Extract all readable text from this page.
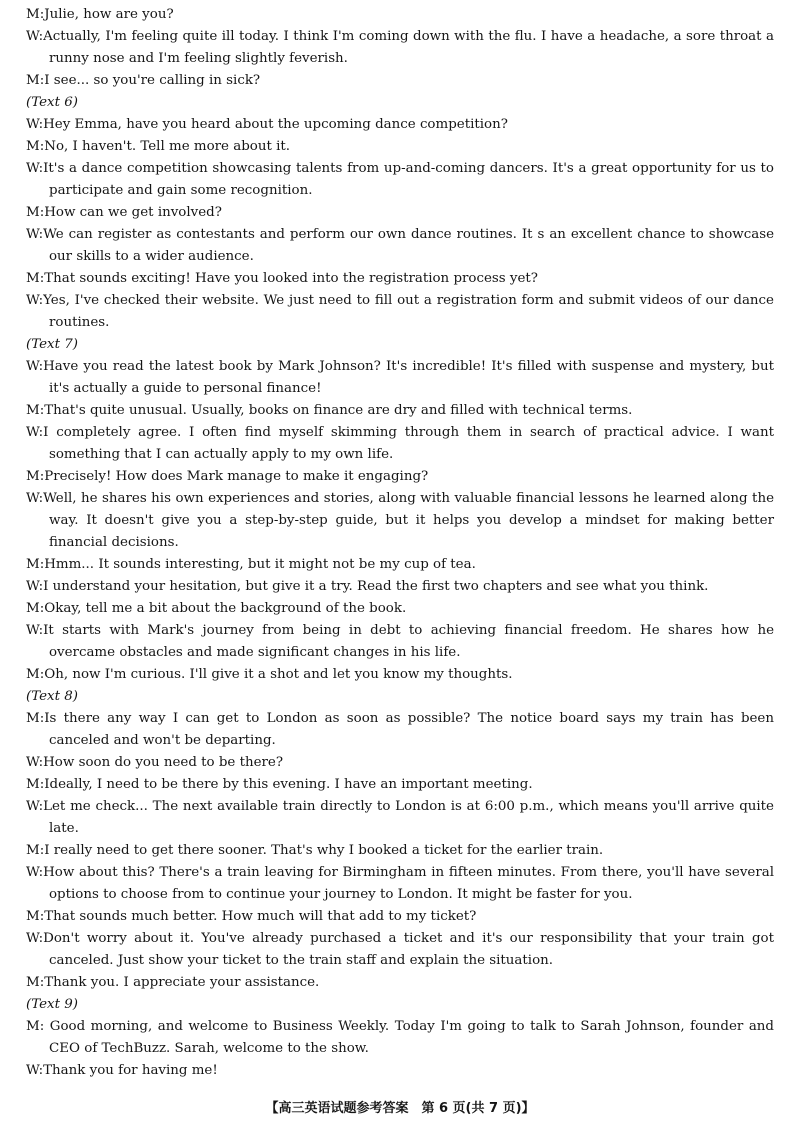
M:Julie, how are you?
W:Actually, I'm feeling quite ill today. I think I'm coming down with the flu. I have a headache, a sore throat a runny nose and I'm feeling slightly feverish.
M:I see... so you're calling in sick?
(Text 6)
W:Hey Emma, have you heard about the upcoming dance competition?
M:No, I haven't. Tell me more about it.
W:It's a dance competition showcasing talents from up-and-coming dancers. It's a great opportunity for us to participate and gain some recognition.
M:How can we get involved?
W:We can register as contestants and perform our own dance routines. It s an excellent chance to showcase our skills to a wider audience.
M:That sounds exciting! Have you looked into the registration process yet?
W:Yes, I've checked their website. We just need to fill out a registration form and submit videos of our dance routines.
(Text 7)
W:Have you read the latest book by Mark Johnson? It's incredible! It's filled with suspense and mystery, but it's actually a guide to personal finance!
M:That's quite unusual. Usually, books on finance are dry and filled with technical terms.
W:I completely agree. I often find myself skimming through them in search of practical advice. I want something that I can actually apply to my own life.
M:Precisely! How does Mark manage to make it engaging?
W:Well, he shares his own experiences and stories, along with valuable financial lessons he learned along the way. It doesn't give you a step-by-step guide, but it helps you develop a mindset for making better financial decisions.
M:Hmm... It sounds interesting, but it might not be my cup of tea.
W:I understand your hesitation, but give it a try. Read the first two chapters and see what you think.
M:Okay, tell me a bit about the background of the book.
W:It starts with Mark's journey from being in debt to achieving financial freedom. He shares how he overcame obstacles and made significant changes in his life.
M:Oh, now I'm curious. I'll give it a shot and let you know my thoughts.
(Text 8)
M:Is there any way I can get to London as soon as possible? The notice board says my train has been canceled and won't be departing.
W:How soon do you need to be there?
M:Ideally, I need to be there by this evening. I have an important meeting.
W:Let me check... The next available train directly to London is at 6:00 p.m., which means you'll arrive quite late.
M:I really need to get there sooner. That's why I booked a ticket for the earlier train.
W:How about this? There's a train leaving for Birmingham in fifteen minutes. From there, you'll have several options to choose from to continue your journey to London. It might be faster for you.
M:That sounds much better. How much will that add to my ticket?
W:Don't worry about it. You've already purchased a ticket and it's our responsibility that your train got canceled. Just show your ticket to the train staff and explain the situation.
M:Thank you. I appreciate your assistance.
(Text 9)
M: Good morning, and welcome to Business Weekly. Today I'm going to talk to Sarah Johnson, founder and CEO of TechBuzz. Sarah, welcome to the show.
W:Thank you for having me!
【高三英语试题参考答案　第 6 页(共 7 页)】
